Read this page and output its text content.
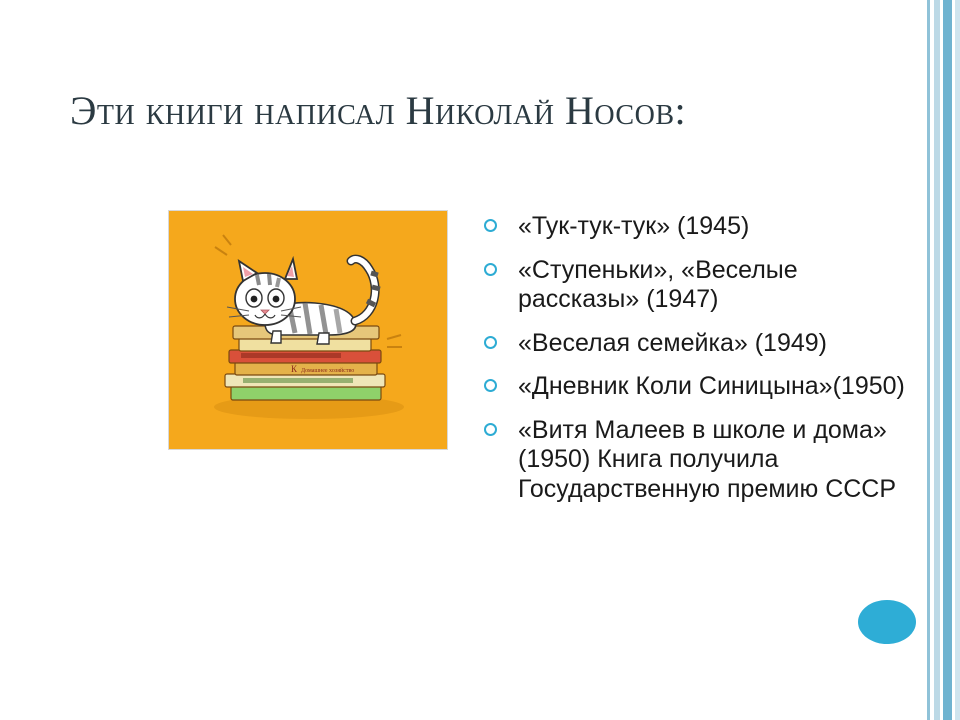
Эти книги написал Николай Носов:
К Домашнее хозяйство
«Тук-тук-тук» (1945)
«Ступеньки», «Веселые рассказы» (1947)
«Веселая семейка» (1949)
«Дневник Коли Синицына»(1950)
«Витя Малеев в школе и дома» (1950) Книга получила Государственную премию СССР
